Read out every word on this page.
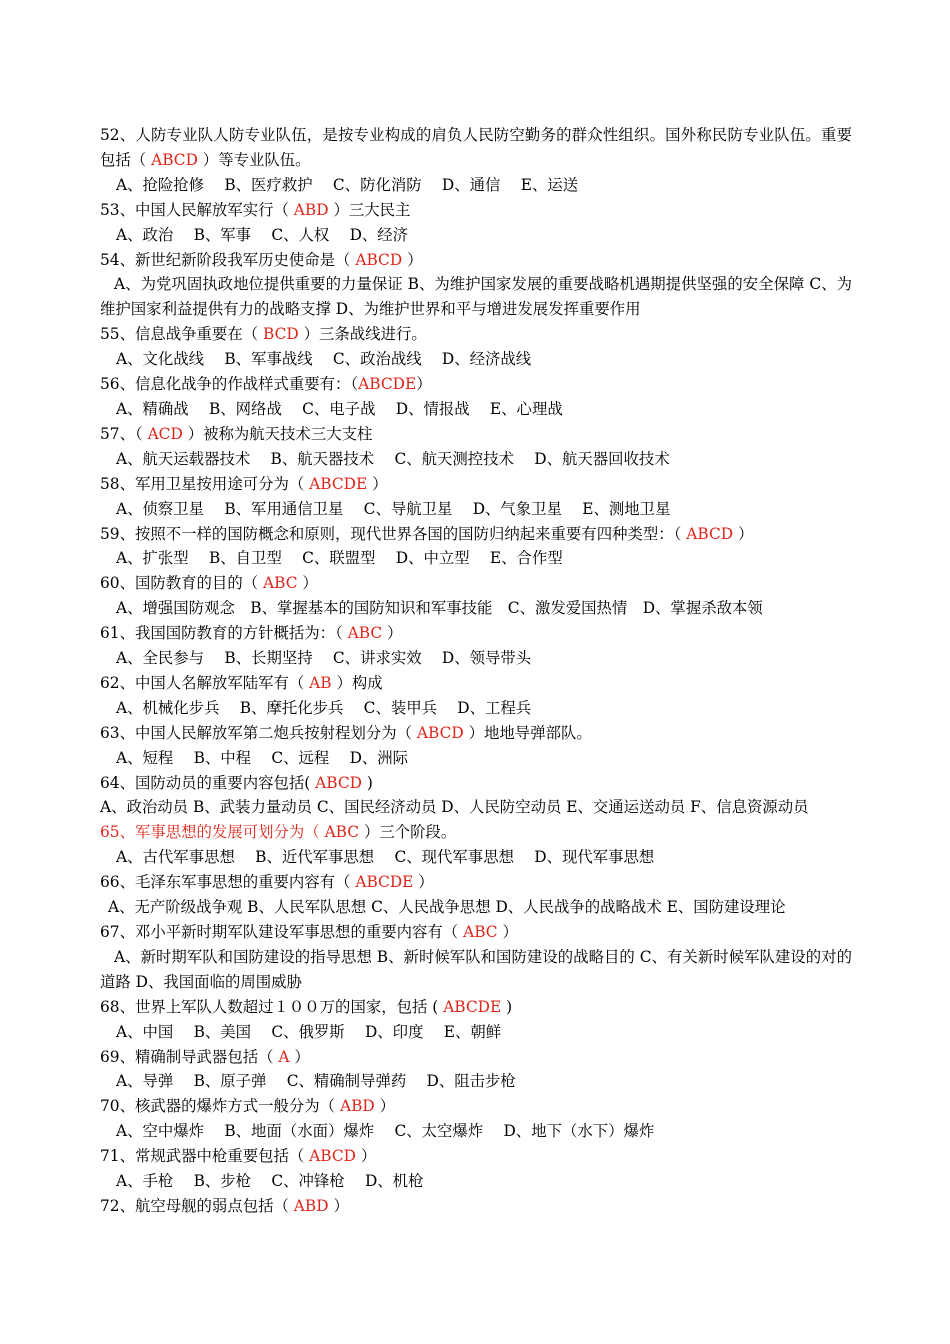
52、人防专业队人防专业队伍，是按专业构成的肩负人民防空勤务的群众性组织。国外称民防专业队伍。重要包括（ ABCD ）等专业队伍。
A、抢险抢修　 B、医疗救护　 C、防化消防　 D、通信　 E、运送
53、中国人民解放军实行（ ABD ）三大民主
A、政治　 B、军事　 C、人权　 D、经济
54、新世纪新阶段我军历史使命是（ ABCD ）
A、为党巩固执政地位提供重要的力量保证 B、为维护国家发展的重要战略机遇期提供坚强的安全保障 C、为维护国家利益提供有力的战略支撑 D、为维护世界和平与增进发展发挥重要作用
55、信息战争重要在（ BCD ）三条战线进行。
A、文化战线　 B、军事战线　 C、政治战线　 D、经济战线
56、信息化战争的作战样式重要有：（ABCDE）
A、精确战　 B、网络战　 C、电子战　 D、情报战　 E、心理战
57、（ ACD ）被称为航天技术三大支柱
A、航天运载器技术　 B、航天器技术　 C、航天测控技术　 D、航天器回收技术
58、军用卫星按用途可分为（ ABCDE ）
A、侦察卫星　 B、军用通信卫星　 C、导航卫星　 D、气象卫星　 E、测地卫星
59、按照不一样的国防概念和原则，现代世界各国的国防归纳起来重要有四种类型：（ ABCD ）
A、扩张型　 B、自卫型　 C、联盟型　 D、中立型　 E、合作型
60、国防教育的目的（ ABC ）
A、增强国防观念　B、掌握基本的国防知识和军事技能　C、激发爱国热情　D、掌握杀敌本领
61、我国国防教育的方针概括为：（ ABC ）
A、全民参与　 B、长期坚持　 C、讲求实效　 D、领导带头
62、中国人名解放军陆军有（ AB ）构成
A、机械化步兵　 B、摩托化步兵　 C、装甲兵　 D、工程兵
63、中国人民解放军第二炮兵按射程划分为（ ABCD ）地地导弹部队。
A、短程　 B、中程　 C、远程　 D、洲际
64、国防动员的重要内容包括( ABCD )
A、政治动员 B、武装力量动员 C、国民经济动员 D、人民防空动员 E、交通运送动员 F、信息资源动员
65、军事思想的发展可划分为（ ABC ）三个阶段。
A、古代军事思想　 B、近代军事思想　 C、现代军事思想　 D、现代军事思想
66、毛泽东军事思想的重要内容有（ ABCDE ）
A、无产阶级战争观 B、人民军队思想 C、人民战争思想 D、人民战争的战略战术 E、国防建设理论
67、邓小平新时期军队建设军事思想的重要内容有（ ABC ）
A、新时期军队和国防建设的指导思想 B、新时候军队和国防建设的战略目的 C、有关新时候军队建设的对的道路 D、我国面临的周围威胁
68、世界上军队人数超过１００万的国家，包括 ( ABCDE )
A、中国　 B、美国　 C、俄罗斯　 D、印度　 E、朝鲜
69、精确制导武器包括（ A ）
A、导弹　 B、原子弹　 C、精确制导弹药　 D、阻击步枪
70、核武器的爆炸方式一般分为（ ABD ）
A、空中爆炸　 B、地面（水面）爆炸　 C、太空爆炸　 D、地下（水下）爆炸
71、常规武器中枪重要包括（ ABCD ）
A、手枪　 B、步枪　 C、冲锋枪　 D、机枪
72、航空母舰的弱点包括（ ABD ）
